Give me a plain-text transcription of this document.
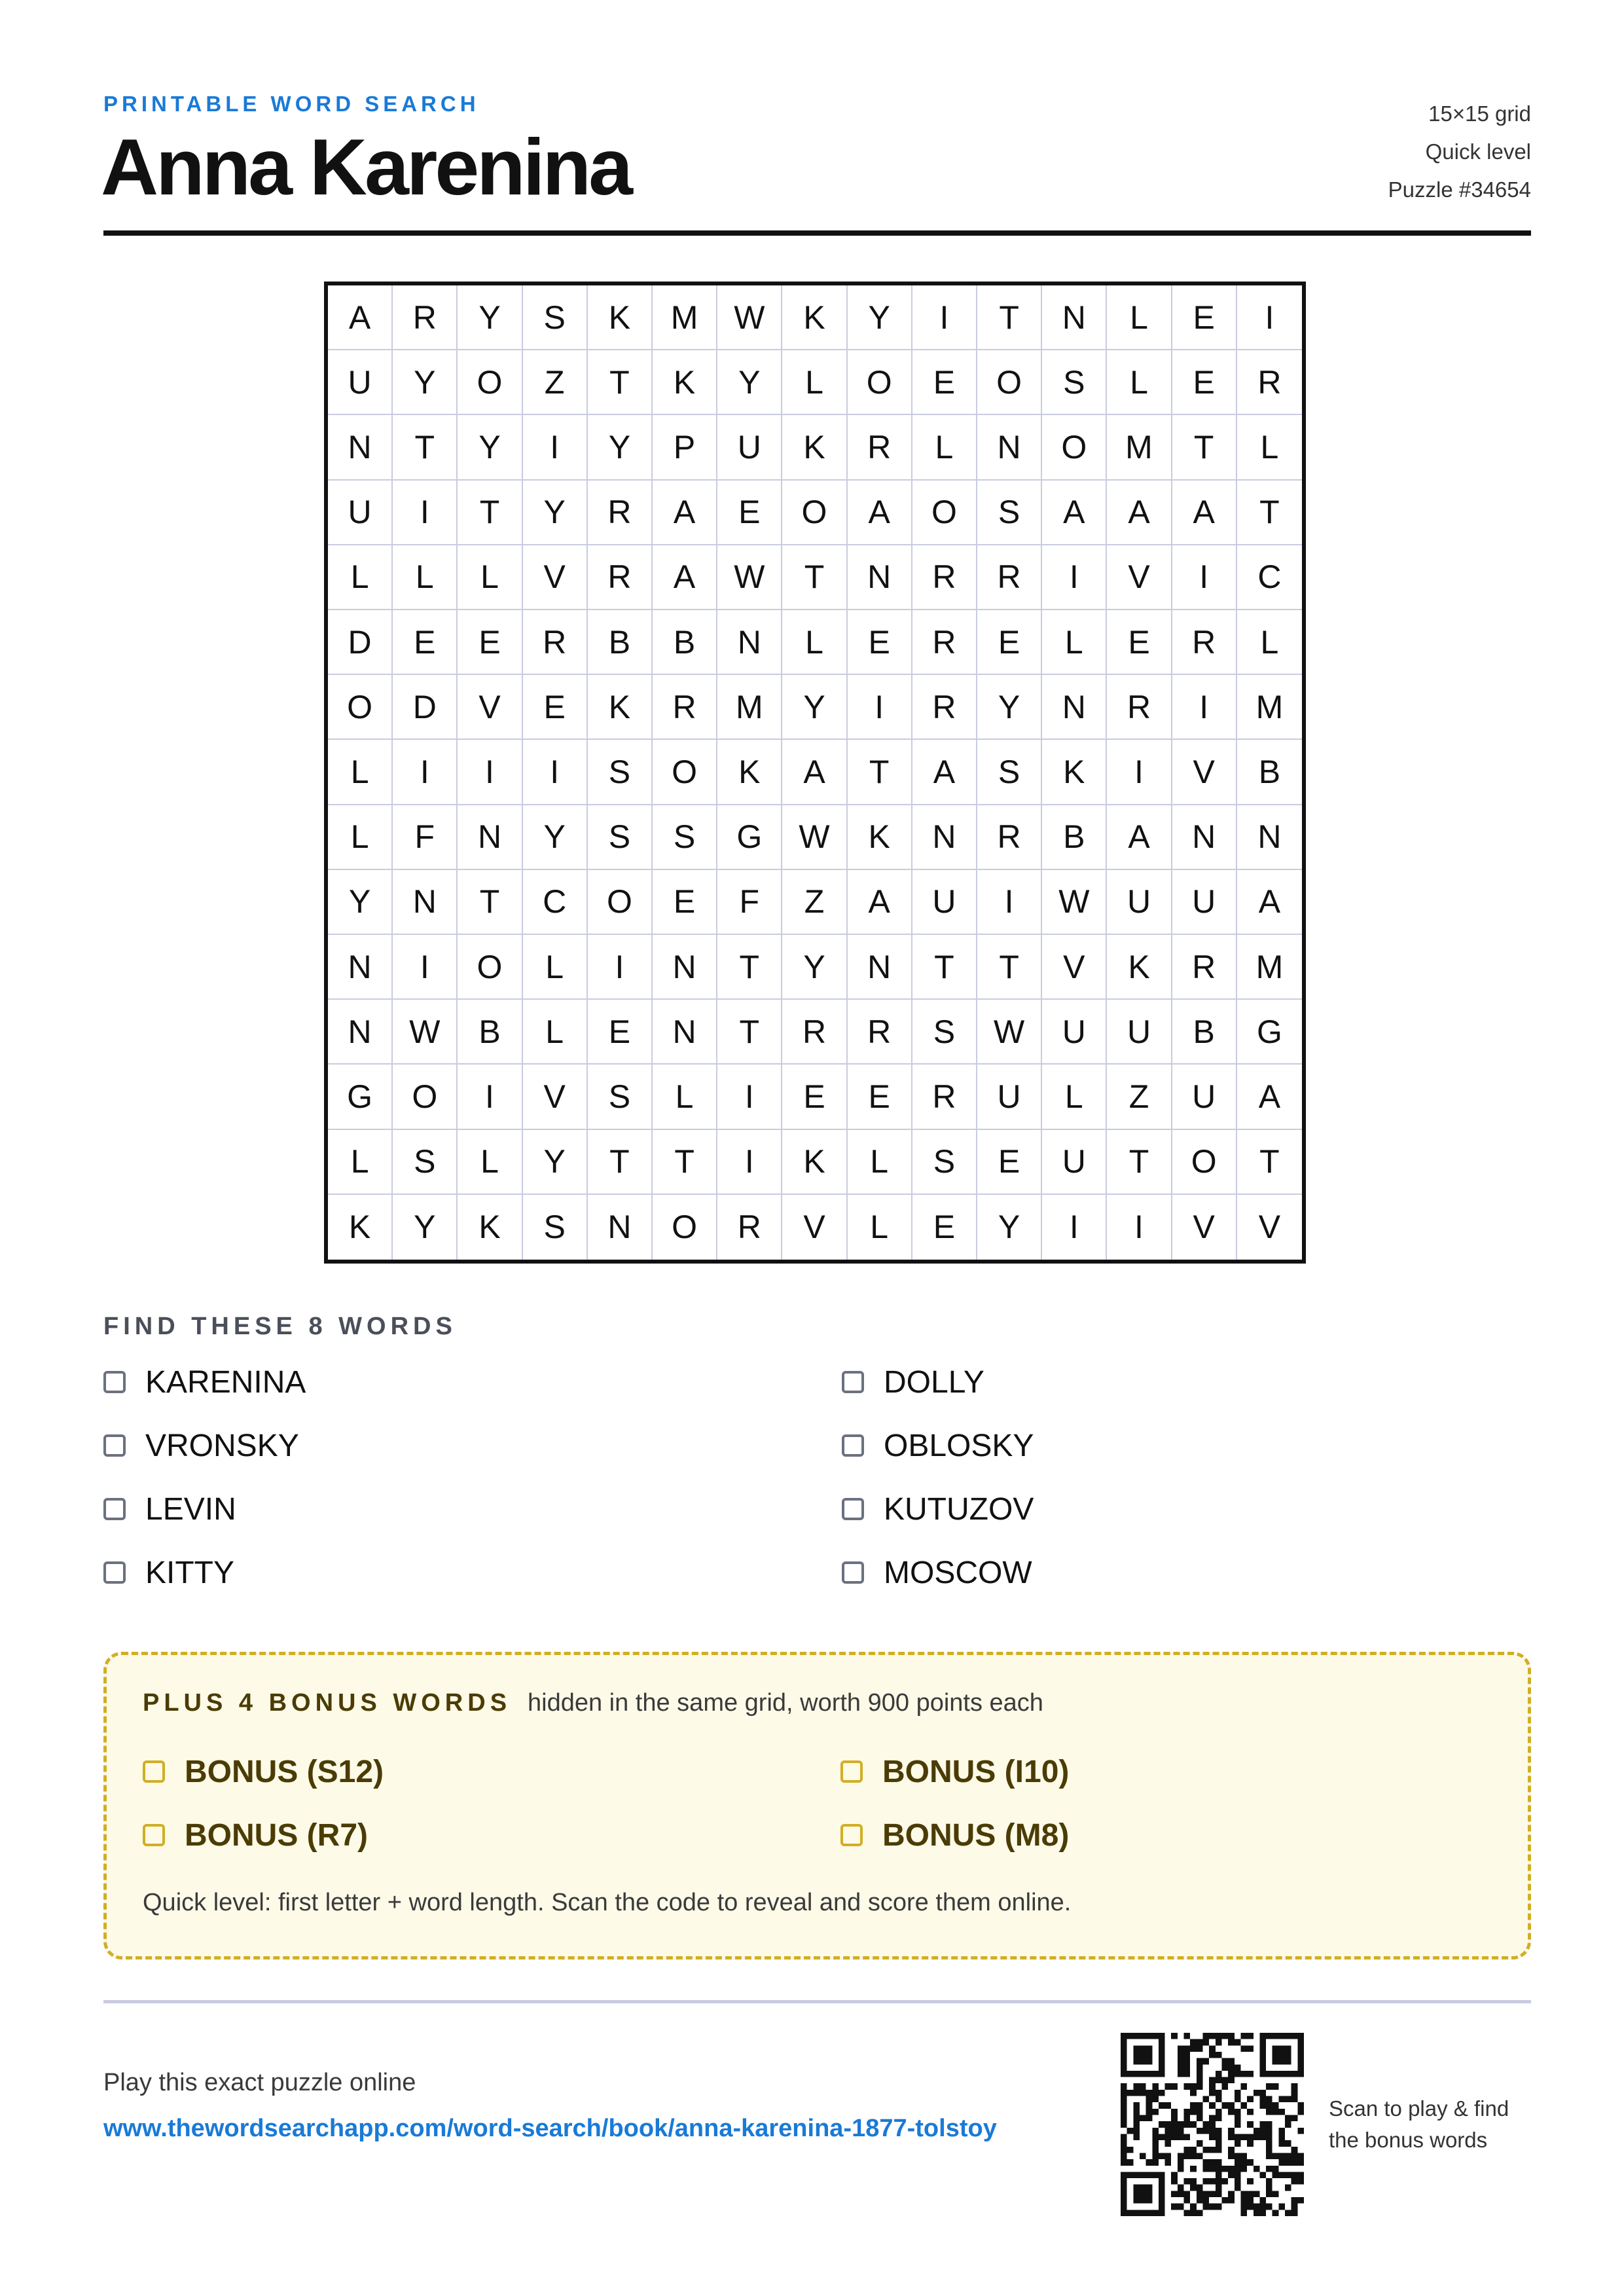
PRINTABLE WORD SEARCH
Anna Karenina
15×15 grid
Quick level
Puzzle #34654
A	R	Y	S	K	M	W	K	Y	I	T	N	L	E	I
U	Y	O	Z	T	K	Y	L	O	E	O	S	L	E	R
N	T	Y	I	Y	P	U	K	R	L	N	O	M	T	L
U	I	T	Y	R	A	E	O	A	O	S	A	A	A	T
L	L	L	V	R	A	W	T	N	R	R	I	V	I	C
D	E	E	R	B	B	N	L	E	R	E	L	E	R	L
O	D	V	E	K	R	M	Y	I	R	Y	N	R	I	M
L	I	I	I	S	O	K	A	T	A	S	K	I	V	B
L	F	N	Y	S	S	G	W	K	N	R	B	A	N	N
Y	N	T	C	O	E	F	Z	A	U	I	W	U	U	A
N	I	O	L	I	N	T	Y	N	T	T	V	K	R	M
N	W	B	L	E	N	T	R	R	S	W	U	U	B	G
G	O	I	V	S	L	I	E	E	R	U	L	Z	U	A
L	S	L	Y	T	T	I	K	L	S	E	U	T	O	T
K	Y	K	S	N	O	R	V	L	E	Y	I	I	V	V
FIND THESE 8 WORDS
KARENINA	DOLLY
VRONSKY	OBLOSKY
LEVIN	KUTUZOV
KITTY	MOSCOW
PLUS 4 BONUS WORDS hidden in the same grid, worth 900 points each
BONUS (S12)	BONUS (I10)
BONUS (R7)	BONUS (M8)
Quick level: first letter + word length. Scan the code to reveal and score them online.
Play this exact puzzle online
www.thewordsearchapp.com/word-search/book/anna-karenina-1877-tolstoy
Scan to play & find the bonus words
